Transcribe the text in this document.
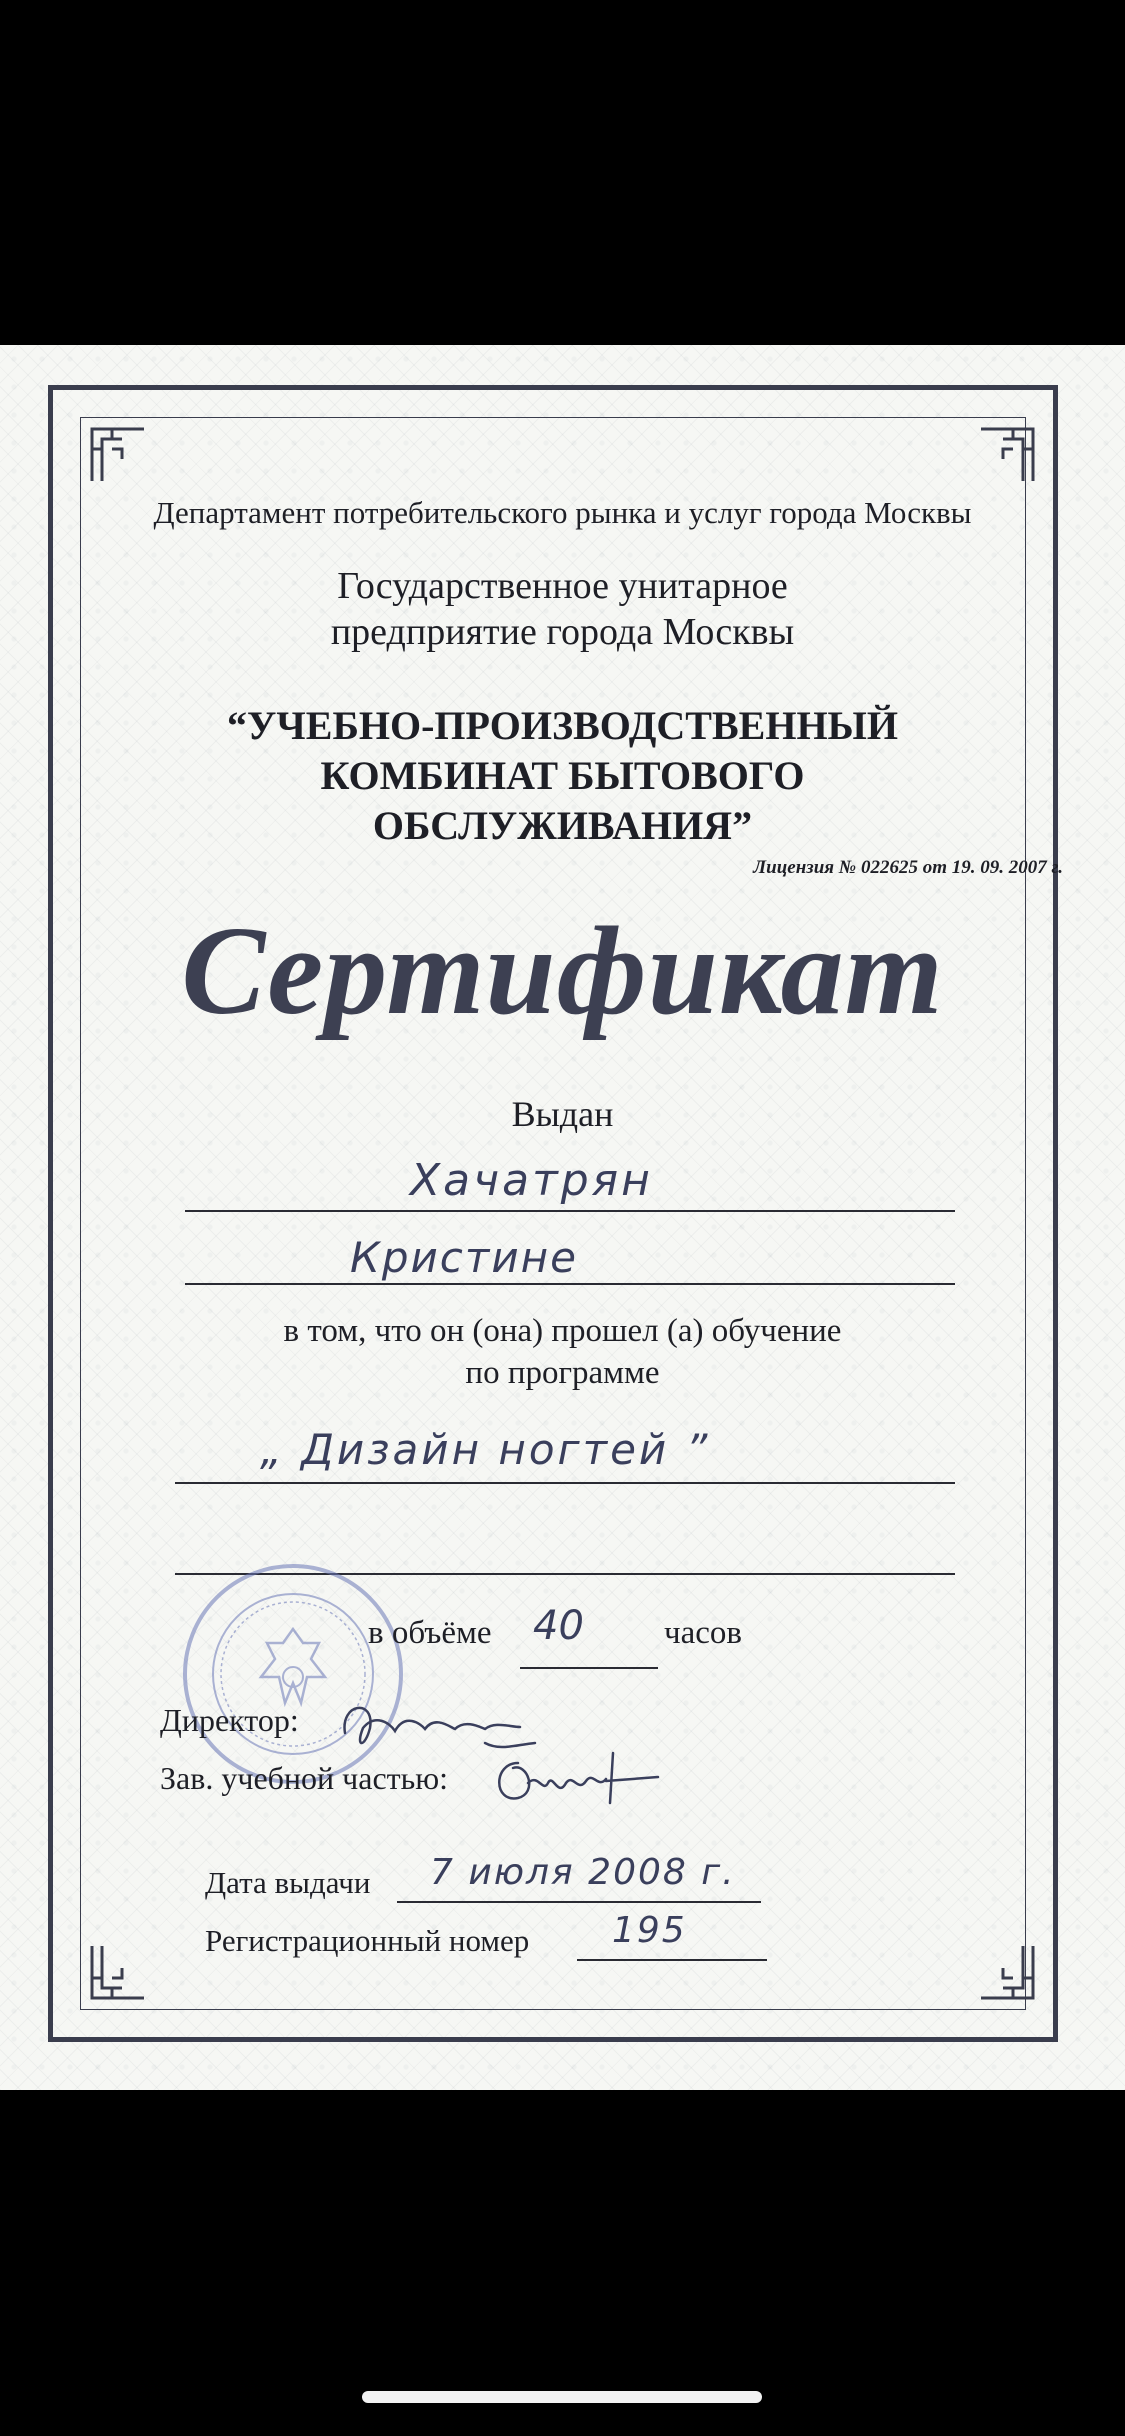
Департамент потребительского рынка и услуг города Москвы
Государственное унитарное
предприятие города Москвы
“УЧЕБНО-ПРОИЗВОДСТВЕННЫЙ
КОМБИНАТ БЫТОВОГО
ОБСЛУЖИВАНИЯ”
Лицензия № 022625 от 19. 09. 2007 г.
Сертификат
Выдан
Хачатрян
Кристине
в том, что он (она) прошел (а) обучение
по программе
„ Дизайн ногтей ”
в объёме 40 часов
Директор:
Зав. учебной частью:
Дата выдачи 7 июля 2008 г.
Регистрационный номер 195
